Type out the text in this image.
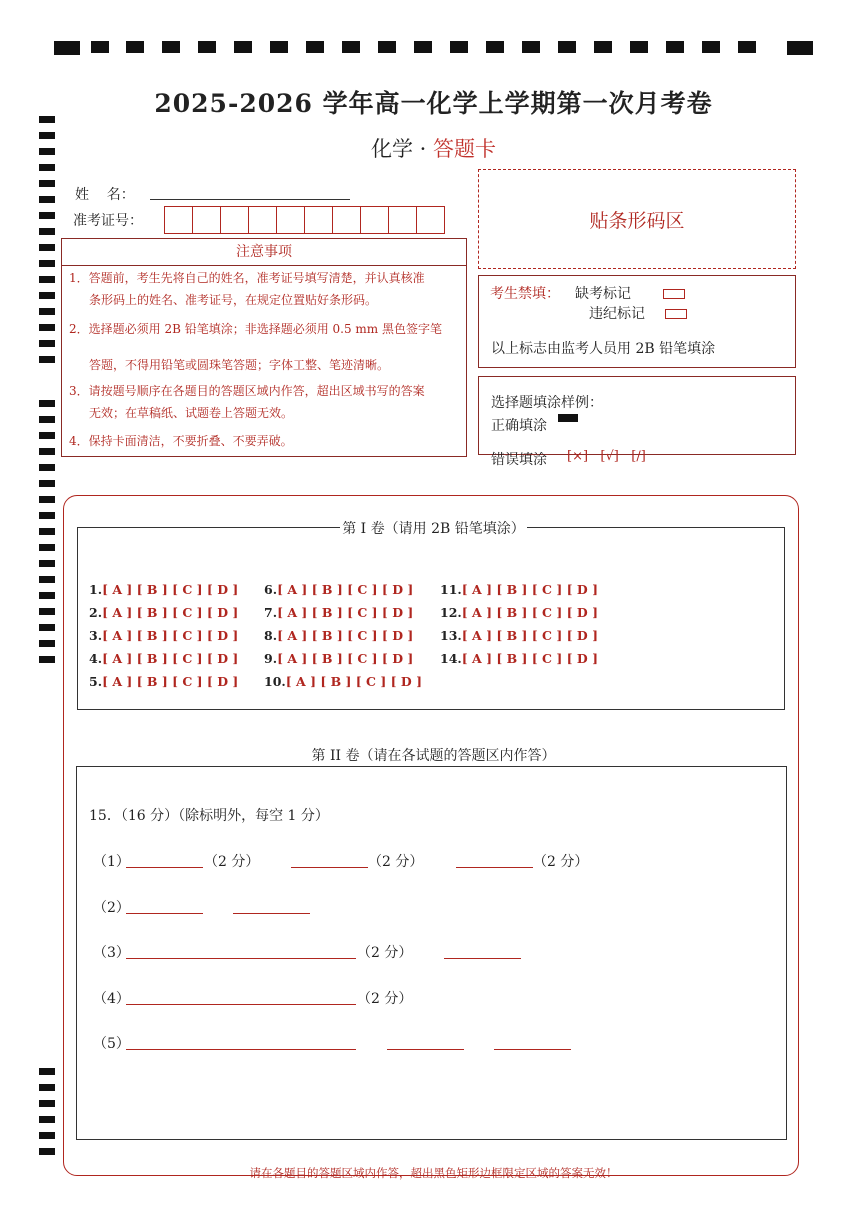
2025-2026 学年高一化学上学期第一次月考卷
化学 · 答题卡
姓    名：
准考证号：	贴条形码区
注意事项
1．答题前，考生先将自己的姓名，准考证号填写清楚，并认真核准
条形码上的姓名、准考证号，在规定位置贴好条形码。
2．选择题必须用 2B 铅笔填涂；非选择题必须用 0.5 mm 黑色签字笔
答题，不得用铅笔或圆珠笔答题；字体工整、笔迹清晰。
3．请按题号顺序在各题目的答题区域内作答，超出区域书写的答案
无效；在草稿纸、试题卷上答题无效。
4．保持卡面清洁，不要折叠、不要弄破。
考生禁填： 缺考标记
违纪标记
以上标志由监考人员用 2B 铅笔填涂
选择题填涂样例：
正确填涂
错误填涂 [×]   [√]   [/]
第 I 卷（请用 2B 铅笔填涂）
1.[ A ] [ B ] [ C ] [ D ]
2.[ A ] [ B ] [ C ] [ D ]
3.[ A ] [ B ] [ C ] [ D ]
4.[ A ] [ B ] [ C ] [ D ]
5.[ A ] [ B ] [ C ] [ D ]
6.[ A ] [ B ] [ C ] [ D ]
7.[ A ] [ B ] [ C ] [ D ]
8.[ A ] [ B ] [ C ] [ D ]
9.[ A ] [ B ] [ C ] [ D ]
10.[ A ] [ B ] [ C ] [ D ]
11.[ A ] [ B ] [ C ] [ D ]
12.[ A ] [ B ] [ C ] [ D ]
13.[ A ] [ B ] [ C ] [ D ]
14.[ A ] [ B ] [ C ] [ D ]
第 II 卷（请在各试题的答题区内作答）
15．（16 分）（除标明外，每空 1 分）
（1）	（2 分）	（2 分）	（2 分）
（2）
（3）	（2 分）
（4）	（2 分）
（5）
请在各题目的答题区域内作答，超出黑色矩形边框限定区域的答案无效！
